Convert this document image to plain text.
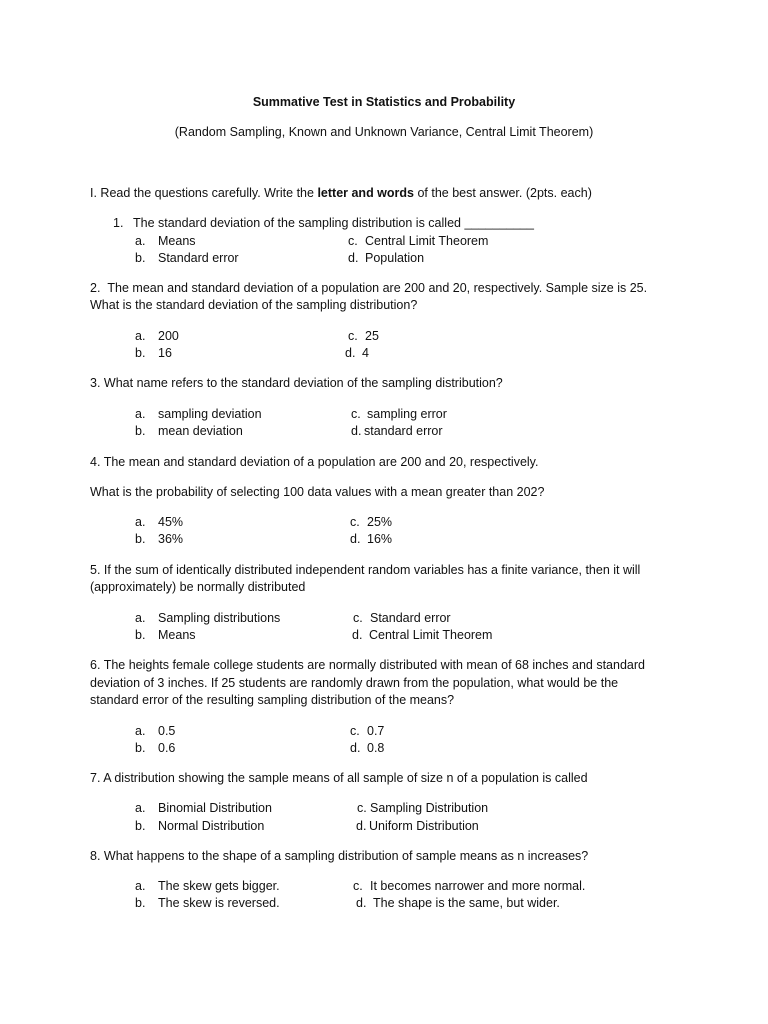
Summative Test in Statistics and Probability
(Random Sampling, Known and Unknown Variance, Central Limit Theorem)
I. Read the questions carefully. Write the letter and words of the best answer. (2pts. each)
1. The standard deviation of the sampling distribution is called __________
a. Means
b. Standard error
c. Central Limit Theorem
d. Population
2. The mean and standard deviation of a population are 200 and 20, respectively. Sample size is 25.
What is the standard deviation of the sampling distribution?
a. 200
b. 16
c. 25
d. 4
3. What name refers to the standard deviation of the sampling distribution?
a. sampling deviation
b. mean deviation
c. sampling error
d. standard error
4. The mean and standard deviation of a population are 200 and 20, respectively.
What is the probability of selecting 100 data values with a mean greater than 202?
a. 45%
b. 36%
c. 25%
d. 16%
5. If the sum of identically distributed independent random variables has a finite variance, then it will
(approximately) be normally distributed
a. Sampling distributions
b. Means
c. Standard error
d. Central Limit Theorem
6. The heights female college students are normally distributed with mean of 68 inches and standard
deviation of 3 inches. If 25 students are randomly drawn from the population, what would be the
standard error of the resulting sampling distribution of the means?
a. 0.5
b. 0.6
c. 0.7
d. 0.8
7. A distribution showing the sample means of all sample of size n of a population is called
a. Binomial Distribution
b. Normal Distribution
c. Sampling Distribution
d. Uniform Distribution
8. What happens to the shape of a sampling distribution of sample means as n increases?
a. The skew gets bigger.
b. The skew is reversed.
c. It becomes narrower and more normal.
d. The shape is the same, but wider.
